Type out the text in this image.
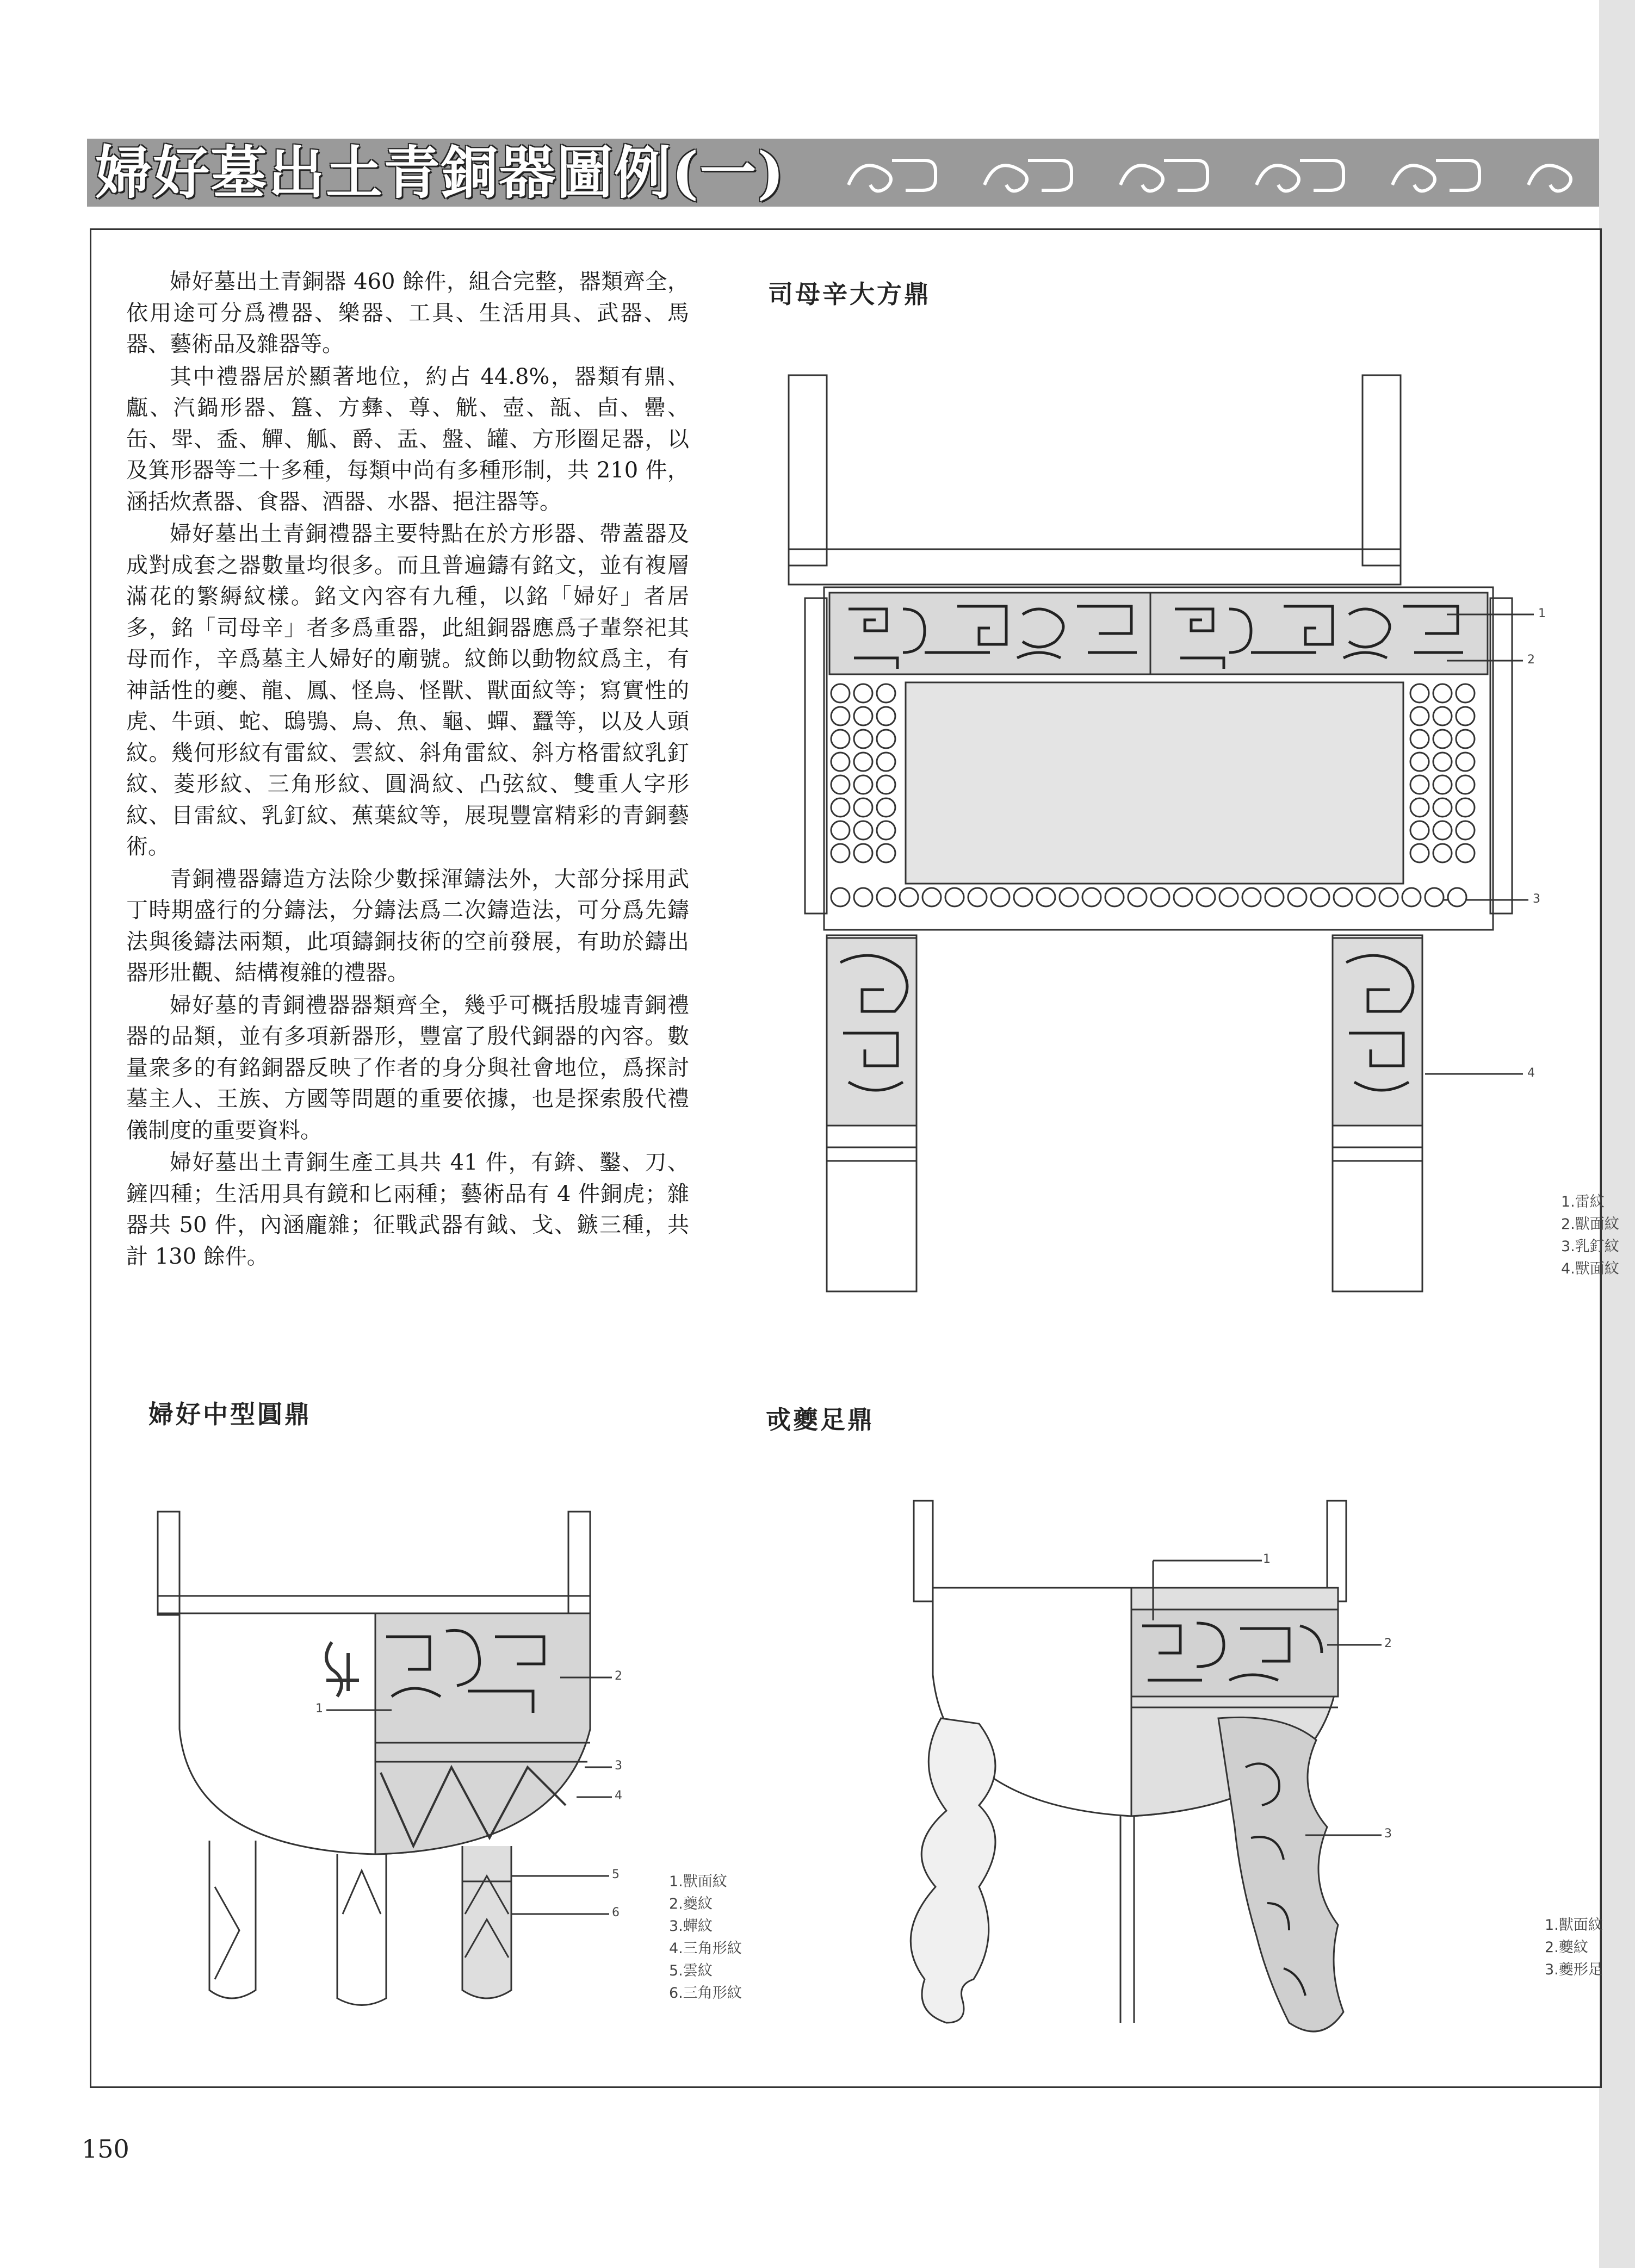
婦好墓出土青銅器圖例(一)

婦好墓出土青銅器 460 餘件，組合完整，器類齊全，依用途可分爲禮器、樂器、工具、生活用具、武器、馬器、藝術品及雜器等。

其中禮器居於顯著地位，約占 44.8%，器類有鼎、甗、汽鍋形器、簋、方彝、尊、觥、壺、瓿、卣、罍、缶、斝、盉、觶、觚、爵、盂、盤、罐、方形圈足器，以及箕形器等二十多種，每類中尚有多種形制，共 210 件，涵括炊煮器、食器、酒器、水器、挹注器等。

婦好墓出土青銅禮器主要特點在於方形器、帶蓋器及成對成套之器數量均很多。而且普遍鑄有銘文，並有複層滿花的繁縟紋樣。銘文內容有九種，以銘「婦好」者居多，銘「司母辛」者多爲重器，此組銅器應爲子輩祭祀其母而作，辛爲墓主人婦好的廟號。紋飾以動物紋爲主，有神話性的夔、龍、鳳、怪鳥、怪獸、獸面紋等；寫實性的虎、牛頭、蛇、鴟鴞、鳥、魚、龜、蟬、蠶等，以及人頭紋。幾何形紋有雷紋、雲紋、斜角雷紋、斜方格雷紋乳釘紋、菱形紋、三角形紋、圓渦紋、凸弦紋、雙重人字形紋、目雷紋、乳釘紋、蕉葉紋等，展現豐富精彩的青銅藝術。

青銅禮器鑄造方法除少數採渾鑄法外，大部分採用武丁時期盛行的分鑄法，分鑄法爲二次鑄造法，可分爲先鑄法與後鑄法兩類，此項鑄銅技術的空前發展，有助於鑄出器形壯觀、結構複雜的禮器。

婦好墓的青銅禮器器類齊全，幾乎可概括殷墟青銅禮器的品類，並有多項新器形，豐富了殷代銅器的內容。數量衆多的有銘銅器反映了作者的身分與社會地位，爲探討墓主人、王族、方國等問題的重要依據，也是探索殷代禮儀制度的重要資料。

婦好墓出土青銅生產工具共 41 件，有錛、鑿、刀、鏟四種；生活用具有鏡和匕兩種；藝術品有 4 件銅虎；雜器共 50 件，內涵龐雜；征戰武器有鉞、戈、鏃三種，共計 130 餘件。

司母辛大方鼎
1
2
3
4
1.雷紋
2.獸面紋
3.乳釘紋
4.獸面紋
婦好中型圓鼎
1
2
3
4
5
6
1.獸面紋
2.夔紋
3.蟬紋
4.三角形紋
5.雲紋
6.三角形紋
戓夔足鼎
1
2
3
1.獸面紋
2.夔紋
3.夔形足
150
